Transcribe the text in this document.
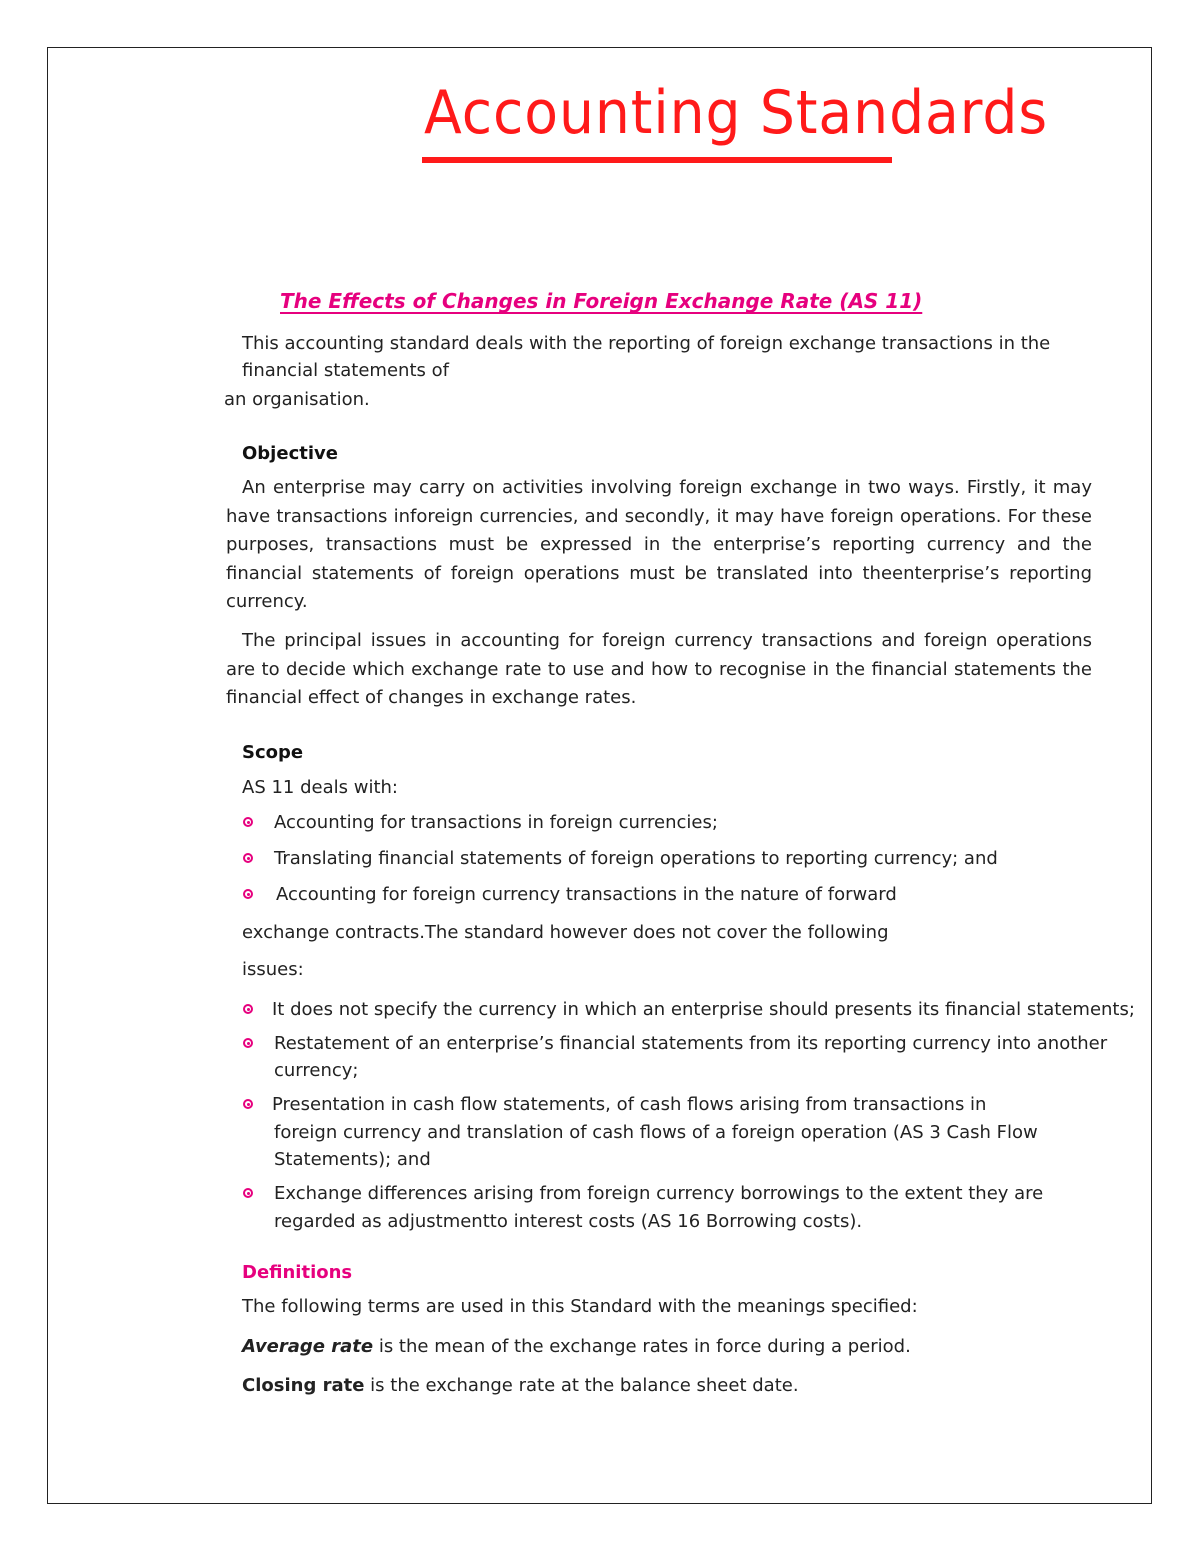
Accounting Standards
The Effects of Changes in Foreign Exchange Rate (AS 11)
This accounting standard deals with the reporting of foreign exchange transactions in the
financial statements of
an organisation.
Objective
An enterprise may carry on activities involving foreign exchange in two ways. Firstly, it may have transactions inforeign currencies, and secondly, it may have foreign operations. For these purposes, transactions must be expressed in the enterprise’s reporting currency and the financial statements of foreign operations must be translated into theenterprise’s reporting currency.
The principal issues in accounting for foreign currency transactions and foreign operations are to decide which exchange rate to use and how to recognise in the financial statements the financial effect of changes in exchange rates.
Scope
AS 11 deals with:
Accounting for transactions in foreign currencies;
Translating financial statements of foreign operations to reporting currency; and
Accounting for foreign currency transactions in the nature of forward
exchange contracts.The standard however does not cover the following
issues:
It does not specify the currency in which an enterprise should presents its financial statements;
Restatement of an enterprise’s financial statements from its reporting currency into another
currency;
Presentation in cash flow statements, of cash flows arising from transactions in
foreign currency and translation of cash flows of a foreign operation (AS 3 Cash Flow
Statements); and
Exchange differences arising from foreign currency borrowings to the extent they are
regarded as adjustmentto interest costs (AS 16 Borrowing costs).
Definitions
The following terms are used in this Standard with the meanings specified:
Average rate is the mean of the exchange rates in force during a period.
Closing rate is the exchange rate at the balance sheet date.
